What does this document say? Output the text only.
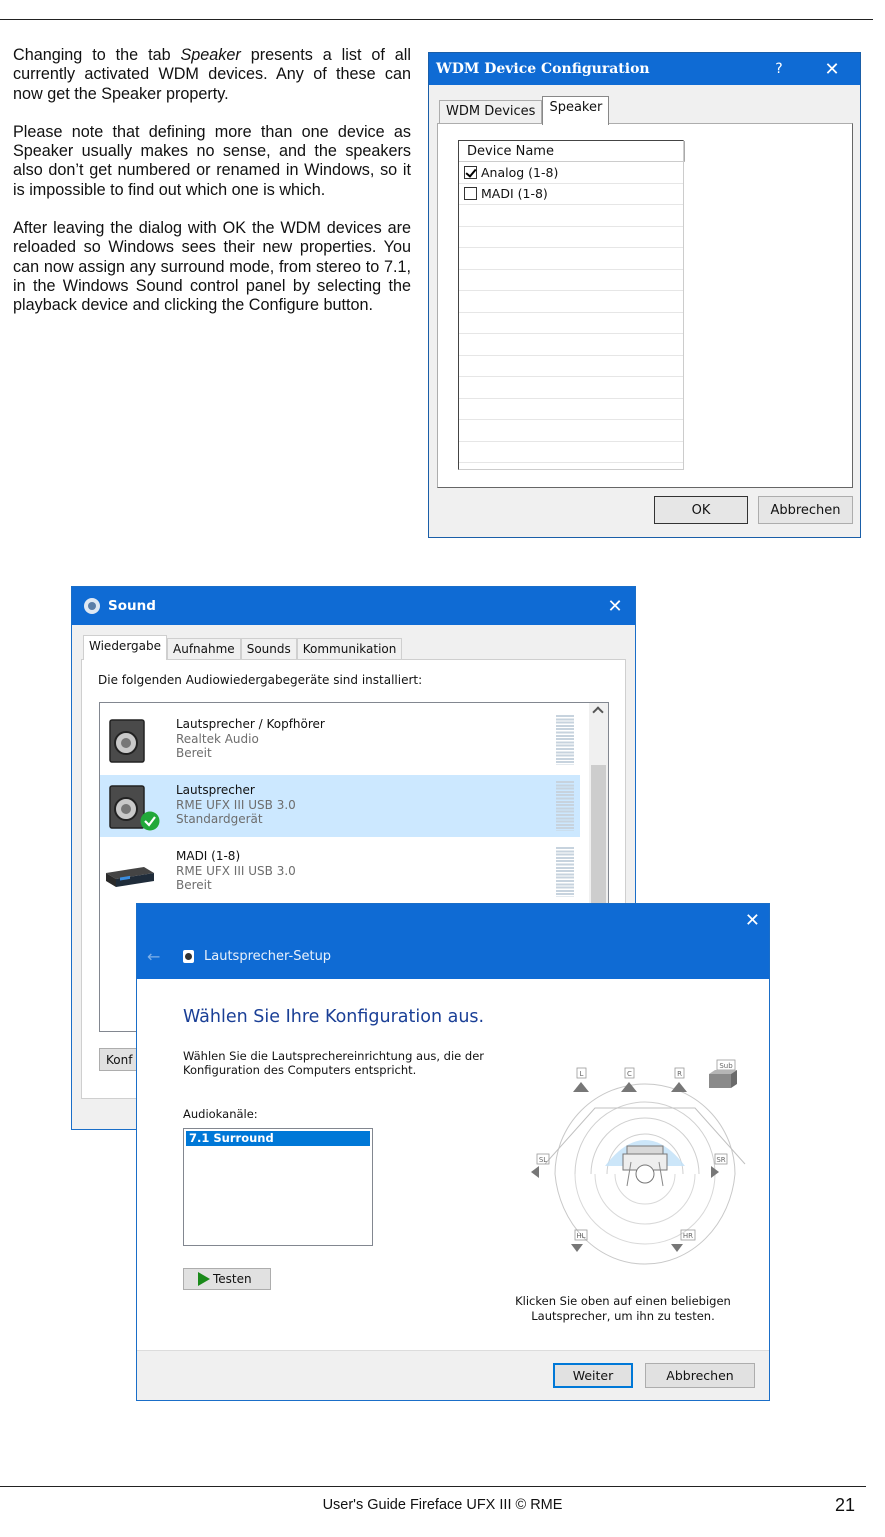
Changing to the tab Speaker presents a list of all currently activated WDM devices. Any of these can now get the Speaker property.

Please note that defining more than one device as Speaker usually makes no sense, and the speakers also don’t get numbered or renamed in Windows, so it is impossible to find out which one is which.

After leaving the dialog with OK the WDM devices are reloaded so Windows sees their new properties. You can now assign any surround mode, from stereo to 7.1, in the Windows Sound control panel by selecting the playback device and clicking the Configure button.

WDM Device Configuration	?	✕
WDM Devices	Speaker
Device Name
Analog (1-8)
MADI (1-8)
OK	Abbrechen
Sound	✕
Wiedergabe	Aufnahme	Sounds	Kommunikation
Die folgenden Audiowiedergabegeräte sind installiert:
Lautsprecher / Kopfhörer
Realtek Audio
Bereit
Lautsprecher
RME UFX III USB 3.0
Standardgerät
MADI (1-8)
RME UFX III USB 3.0
Bereit
Konf
✕
←	Lautsprecher-Setup
Wählen Sie Ihre Konfiguration aus.
Wählen Sie die Lautsprechereinrichtung aus, die der Konfiguration des Computers entspricht.
Audiokanäle:
7.1 Surround
Testen
L	C	R
Sub
SL	SR
HL	HR
Klicken Sie oben auf einen beliebigen Lautsprecher, um ihn zu testen.
Weiter	Abbrechen
User's Guide Fireface UFX III © RME	21
